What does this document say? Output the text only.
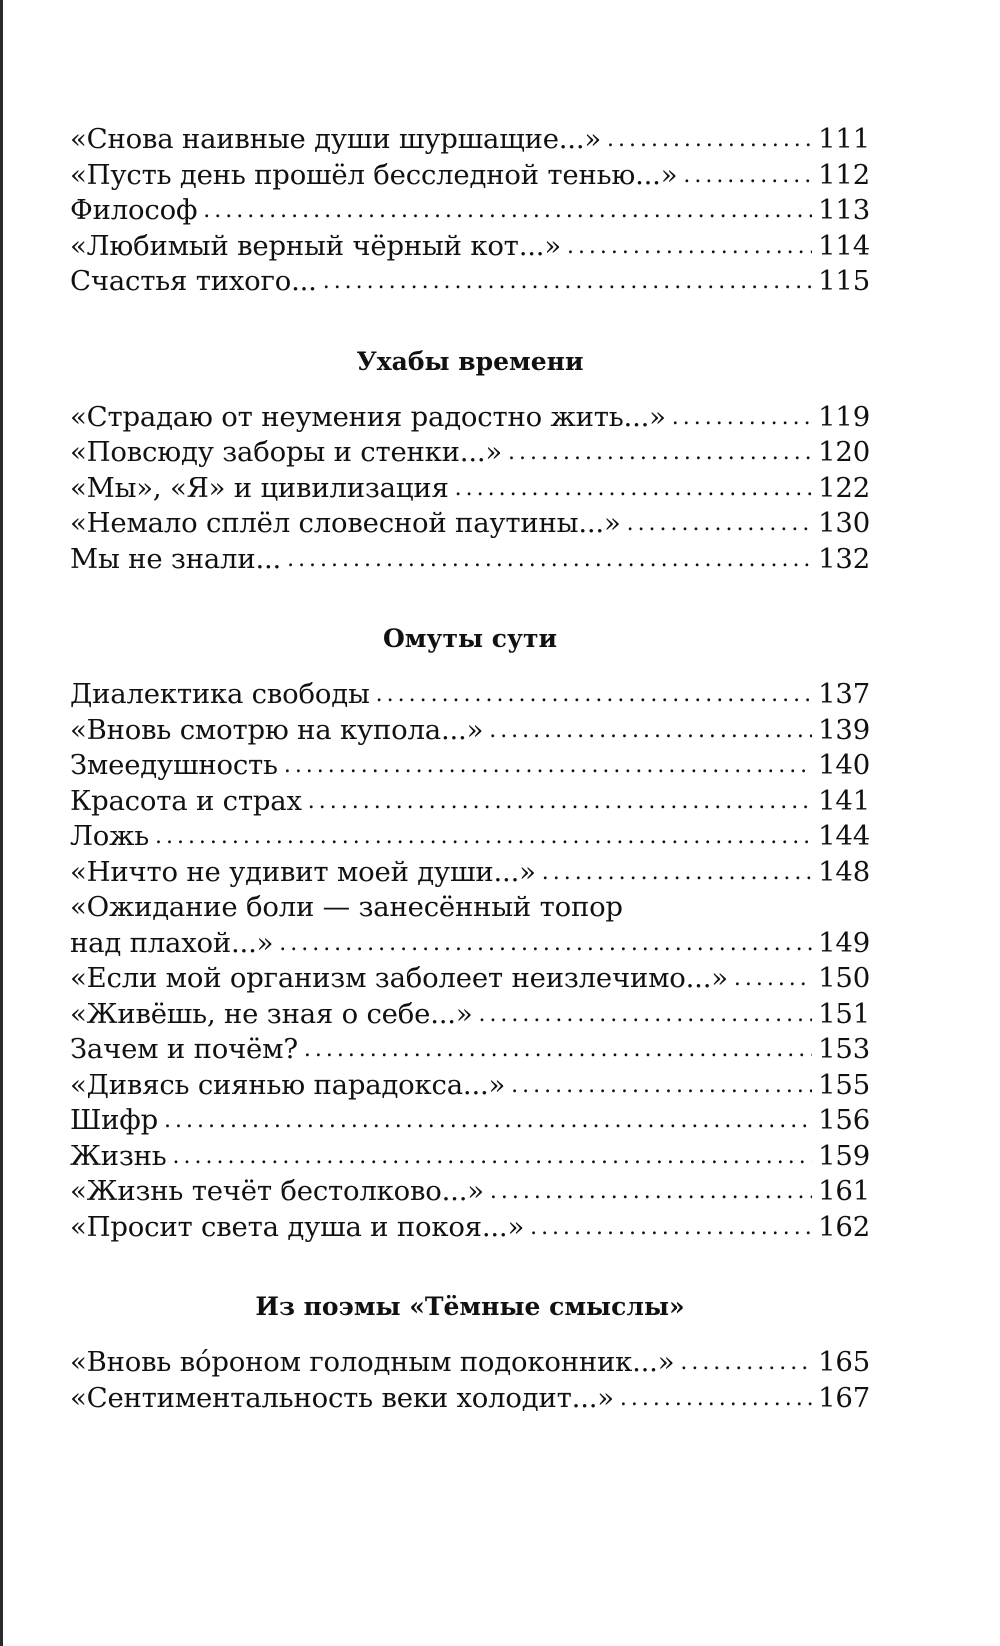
«Снова наивные души шуршащие...» . . .	111
«Пусть день прошёл бесследной тенью...» . . .	112
Философ . . .	113
«Любимый верный чёрный кот...» . . .	114
Счастья тихого... . . .	115
Ухабы времени
«Страдаю от неумения радостно жить...» . . .	119
«Повсюду заборы и стенки...» . . .	120
«Мы», «Я» и цивилизация . . .	122
«Немало сплёл словесной паутины...» . . .	130
Мы не знали... . . .	132
Омуты сути
Диалектика свободы . . .	137
«Вновь смотрю на купола...» . . .	139
Змеедушность . . .	140
Красота и страх . . .	141
Ложь . . .	144
«Ничто не удивит моей души...» . . .	148
«Ожидание боли — занесённый топор
над плахой...» . . .	149
«Если мой организм заболеет неизлечимо...» . . .	150
«Живёшь, не зная о себе...» . . .	151
Зачем и почём? . . .	153
«Дивясь сиянью парадокса...» . . .	155
Шифр . . .	156
Жизнь . . .	159
«Жизнь течёт бестолково...» . . .	161
«Просит света душа и покоя...» . . .	162
Из поэмы «Тёмные смыслы»
«Вновь во́роном голодным подоконник...» . . .	165
«Сентиментальность веки холодит...» . . .	167
